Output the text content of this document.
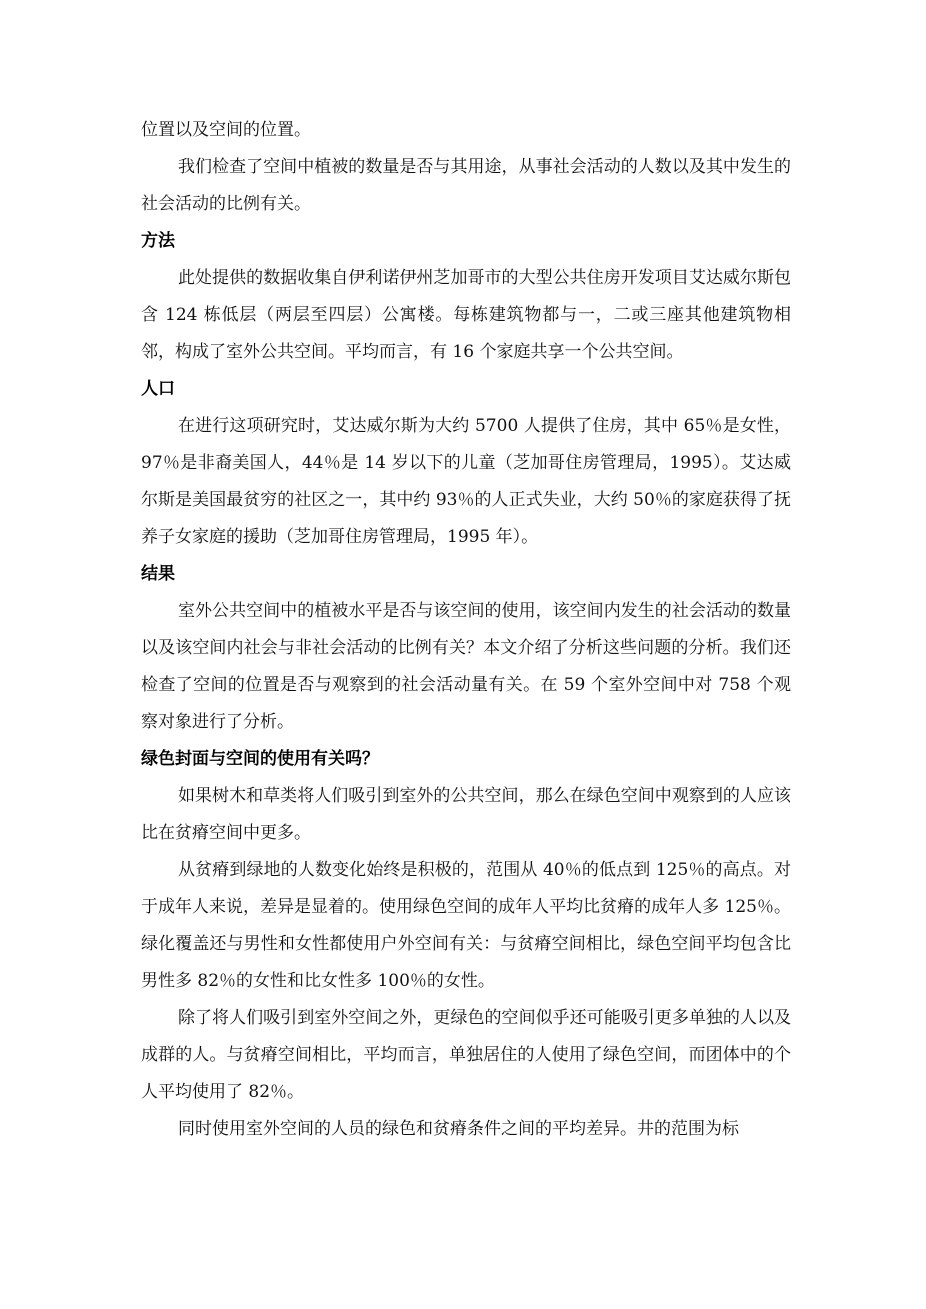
位置以及空间的位置。

我们检查了空间中植被的数量是否与其用途，从事社会活动的人数以及其中发生的社会活动的比例有关。

方法

此处提供的数据收集自伊利诺伊州芝加哥市的大型公共住房开发项目艾达威尔斯包含 124 栋低层（两层至四层）公寓楼。每栋建筑物都与一，二或三座其他建筑物相邻，构成了室外公共空间。平均而言，有 16 个家庭共享一个公共空间。

人口

在进行这项研究时，艾达威尔斯为大约 5700 人提供了住房，其中 65％是女性，97％是非裔美国人，44％是 14 岁以下的儿童（芝加哥住房管理局，1995）。艾达威尔斯是美国最贫穷的社区之一，其中约 93％的人正式失业，大约 50％的家庭获得了抚养子女家庭的援助（芝加哥住房管理局，1995 年）。

结果

室外公共空间中的植被水平是否与该空间的使用，该空间内发生的社会活动的数量以及该空间内社会与非社会活动的比例有关？本文介绍了分析这些问题的分析。我们还检查了空间的位置是否与观察到的社会活动量有关。在 59 个室外空间中对 758 个观察对象进行了分析。

绿色封面与空间的使用有关吗？

如果树木和草类将人们吸引到室外的公共空间，那么在绿色空间中观察到的人应该比在贫瘠空间中更多。

从贫瘠到绿地的人数变化始终是积极的，范围从 40％的低点到 125％的高点。对于成年人来说，差异是显着的。使用绿色空间的成年人平均比贫瘠的成年人多 125％。绿化覆盖还与男性和女性都使用户外空间有关：与贫瘠空间相比，绿色空间平均包含比男性多 82％的女性和比女性多 100％的女性。

除了将人们吸引到室外空间之外，更绿色的空间似乎还可能吸引更多单独的人以及成群的人。与贫瘠空间相比，平均而言，单独居住的人使用了绿色空间，而团体中的个人平均使用了 82％。

同时使用室外空间的人员的绿色和贫瘠条件之间的平均差异。井的范围为标
